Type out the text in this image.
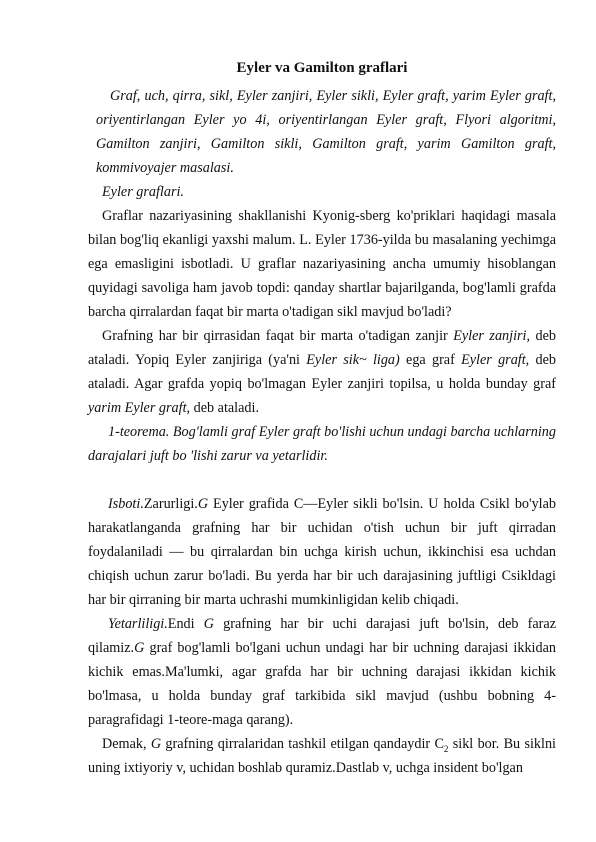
Eyler va Gamilton graflari

Graf, uch, qirra, sikl, Eyler zanjiri, Eyler sikli, Eyler graft, yarim Eyler graft, oriyentirlangan Eyler yo 4i, oriyentirlangan Eyler graft, Flyori algoritmi, Gamilton zanjiri, Gamilton sikli, Gamilton graft, yarim Gamilton graft, kommivoyajer masalasi.

Eyler graflari.

Graflar nazariyasining shakllanishi Kyonig-sberg ko'priklari haqidagi masala bilan bog'liq ekanligi yaxshi malum. L. Eyler 1736-yilda bu masalaning yechimga ega emasligini isbotladi. U graflar nazariyasining ancha umumiy hisoblangan quyidagi savoliga ham javob topdi: qanday shartlar bajarilganda, bog'lamli grafda barcha qirralardan faqat bir marta o'tadigan sikl mavjud bo'ladi?

Grafning har bir qirrasidan faqat bir marta o'tadigan zanjir Eyler zanjiri, deb ataladi. Yopiq Eyler zanjiriga (ya'ni Eyler sik~ liga) ega graf Eyler graft, deb ataladi. Agar grafda yopiq bo'lmagan Eyler zanjiri topilsa, u holda bunday graf yarim Eyler graft, deb ataladi.

1-teorema. Bog'lamli graf Eyler graft bo'lishi uchun undagi barcha uchlarning darajalari juft bo 'lishi zarur va yetarlidir.

Isboti.Zarurligi.G Eyler grafida C—Eyler sikli bo'lsin. U holda Csikl bo'ylab harakatlanganda grafning har bir uchidan o'tish uchun bir juft qirradan foydalaniladi — bu qirralardan bin uchga kirish uchun, ikkinchisi esa uchdan chiqish uchun zarur bo'ladi. Bu yerda har bir uch darajasining juftligi Csikldagi har bir qirraning bir marta uchrashi mumkinligidan kelib chiqadi.

Yetarliligi.Endi G grafning har bir uchi darajasi juft bo'lsin, deb faraz qilamiz.G graf bog'lamli bo'lgani uchun undagi har bir uchning darajasi ikkidan kichik emas.Ma'lumki, agar grafda har bir uchning darajasi ikkidan kichik bo'lmasa, u holda bunday graf tarkibida sikl mavjud (ushbu bobning 4-paragrafidagi 1-teore-maga qarang).

Demak, G grafning qirralaridan tashkil etilgan qandaydir $C_2$ sikl bor. Bu siklni uning ixtiyoriy v, uchidan boshlab quramiz.Dastlab v, uchga insident bo'lgan
